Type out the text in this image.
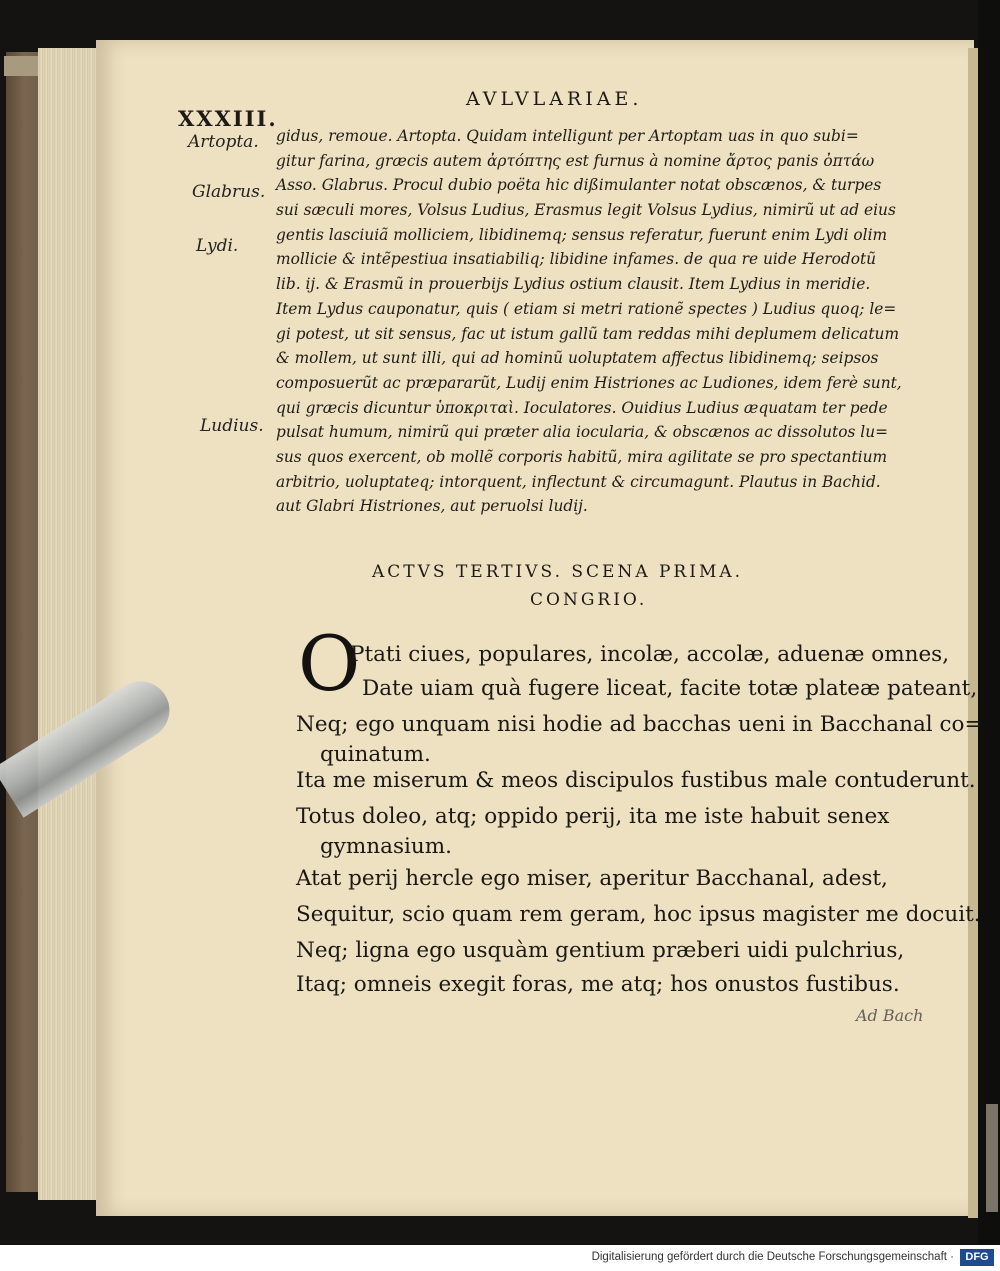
XXXIII.
AVLVLARIAE.
Artopta.
Glabrus.
Lydi.
Ludius.
gidus, remoue. Artopta. Quidam intelligunt per Artoptam uas in quo subi=
gitur farina, græcis autem ἀρτόπτης est furnus à nomine ἄρτος panis ὀπτάω
Asso. Glabrus. Procul dubio poëta hic dißimulanter notat obscænos, & turpes
sui sæculi mores, Volsus Ludius, Erasmus legit Volsus Lydius, nimirũ ut ad eius
gentis lasciuiã molliciem, libidinemq; sensus referatur, fuerunt enim Lydi olim
mollicie & intẽpestiua insatiabiliq; libidine infames. de qua re uide Herodotũ
lib. ij. & Erasmũ in prouerbijs Lydius ostium clausit. Item Lydius in meridie.
Item Lydus cauponatur, quis ( etiam si metri rationẽ spectes ) Ludius quoq; le=
gi potest, ut sit sensus, fac ut istum gallũ tam reddas mihi deplumem delicatum
& mollem, ut sunt illi, qui ad hominũ uoluptatem affectus libidinemq; seipsos
composuerũt ac præpararũt, Ludij enim Histriones ac Ludiones, idem ferè sunt,
qui græcis dicuntur ὑποκριταὶ. Ioculatores. Ouidius Ludius æquatam ter pede
pulsat humum, nimirũ qui præter alia iocularia, & obscænos ac dissolutos lu=
sus quos exercent, ob mollẽ corporis habitũ, mira agilitate se pro spectantium
arbitrio, uoluptateq; intorquent, inflectunt & circumagunt. Plautus in Bachid.
aut Glabri Histriones, aut peruolsi ludij.
ACTVS TERTIVS. SCENA PRIMA.
CONGRIO.
O
Ptati ciues, populares, incolæ, accolæ, aduenæ omnes,
Date uiam quà fugere liceat, facite totæ plateæ pateant,
Neq; ego unquam nisi hodie ad bacchas ueni in Bacchanal co=
quinatum.
Ita me miserum & meos discipulos fustibus male contuderunt.
Totus doleo, atq; oppido perij, ita me iste habuit senex
gymnasium.
Atat perij hercle ego miser, aperitur Bacchanal, adest,
Sequitur, scio quam rem geram, hoc ipsus magister me docuit.
Neq; ligna ego usquàm gentium præberi uidi pulchrius,
Itaq; omneis exegit foras, me atq; hos onustos fustibus.
Ad Bach
Digitalisierung gefördert durch die Deutsche Forschungsgemeinschaft ·	DFG
